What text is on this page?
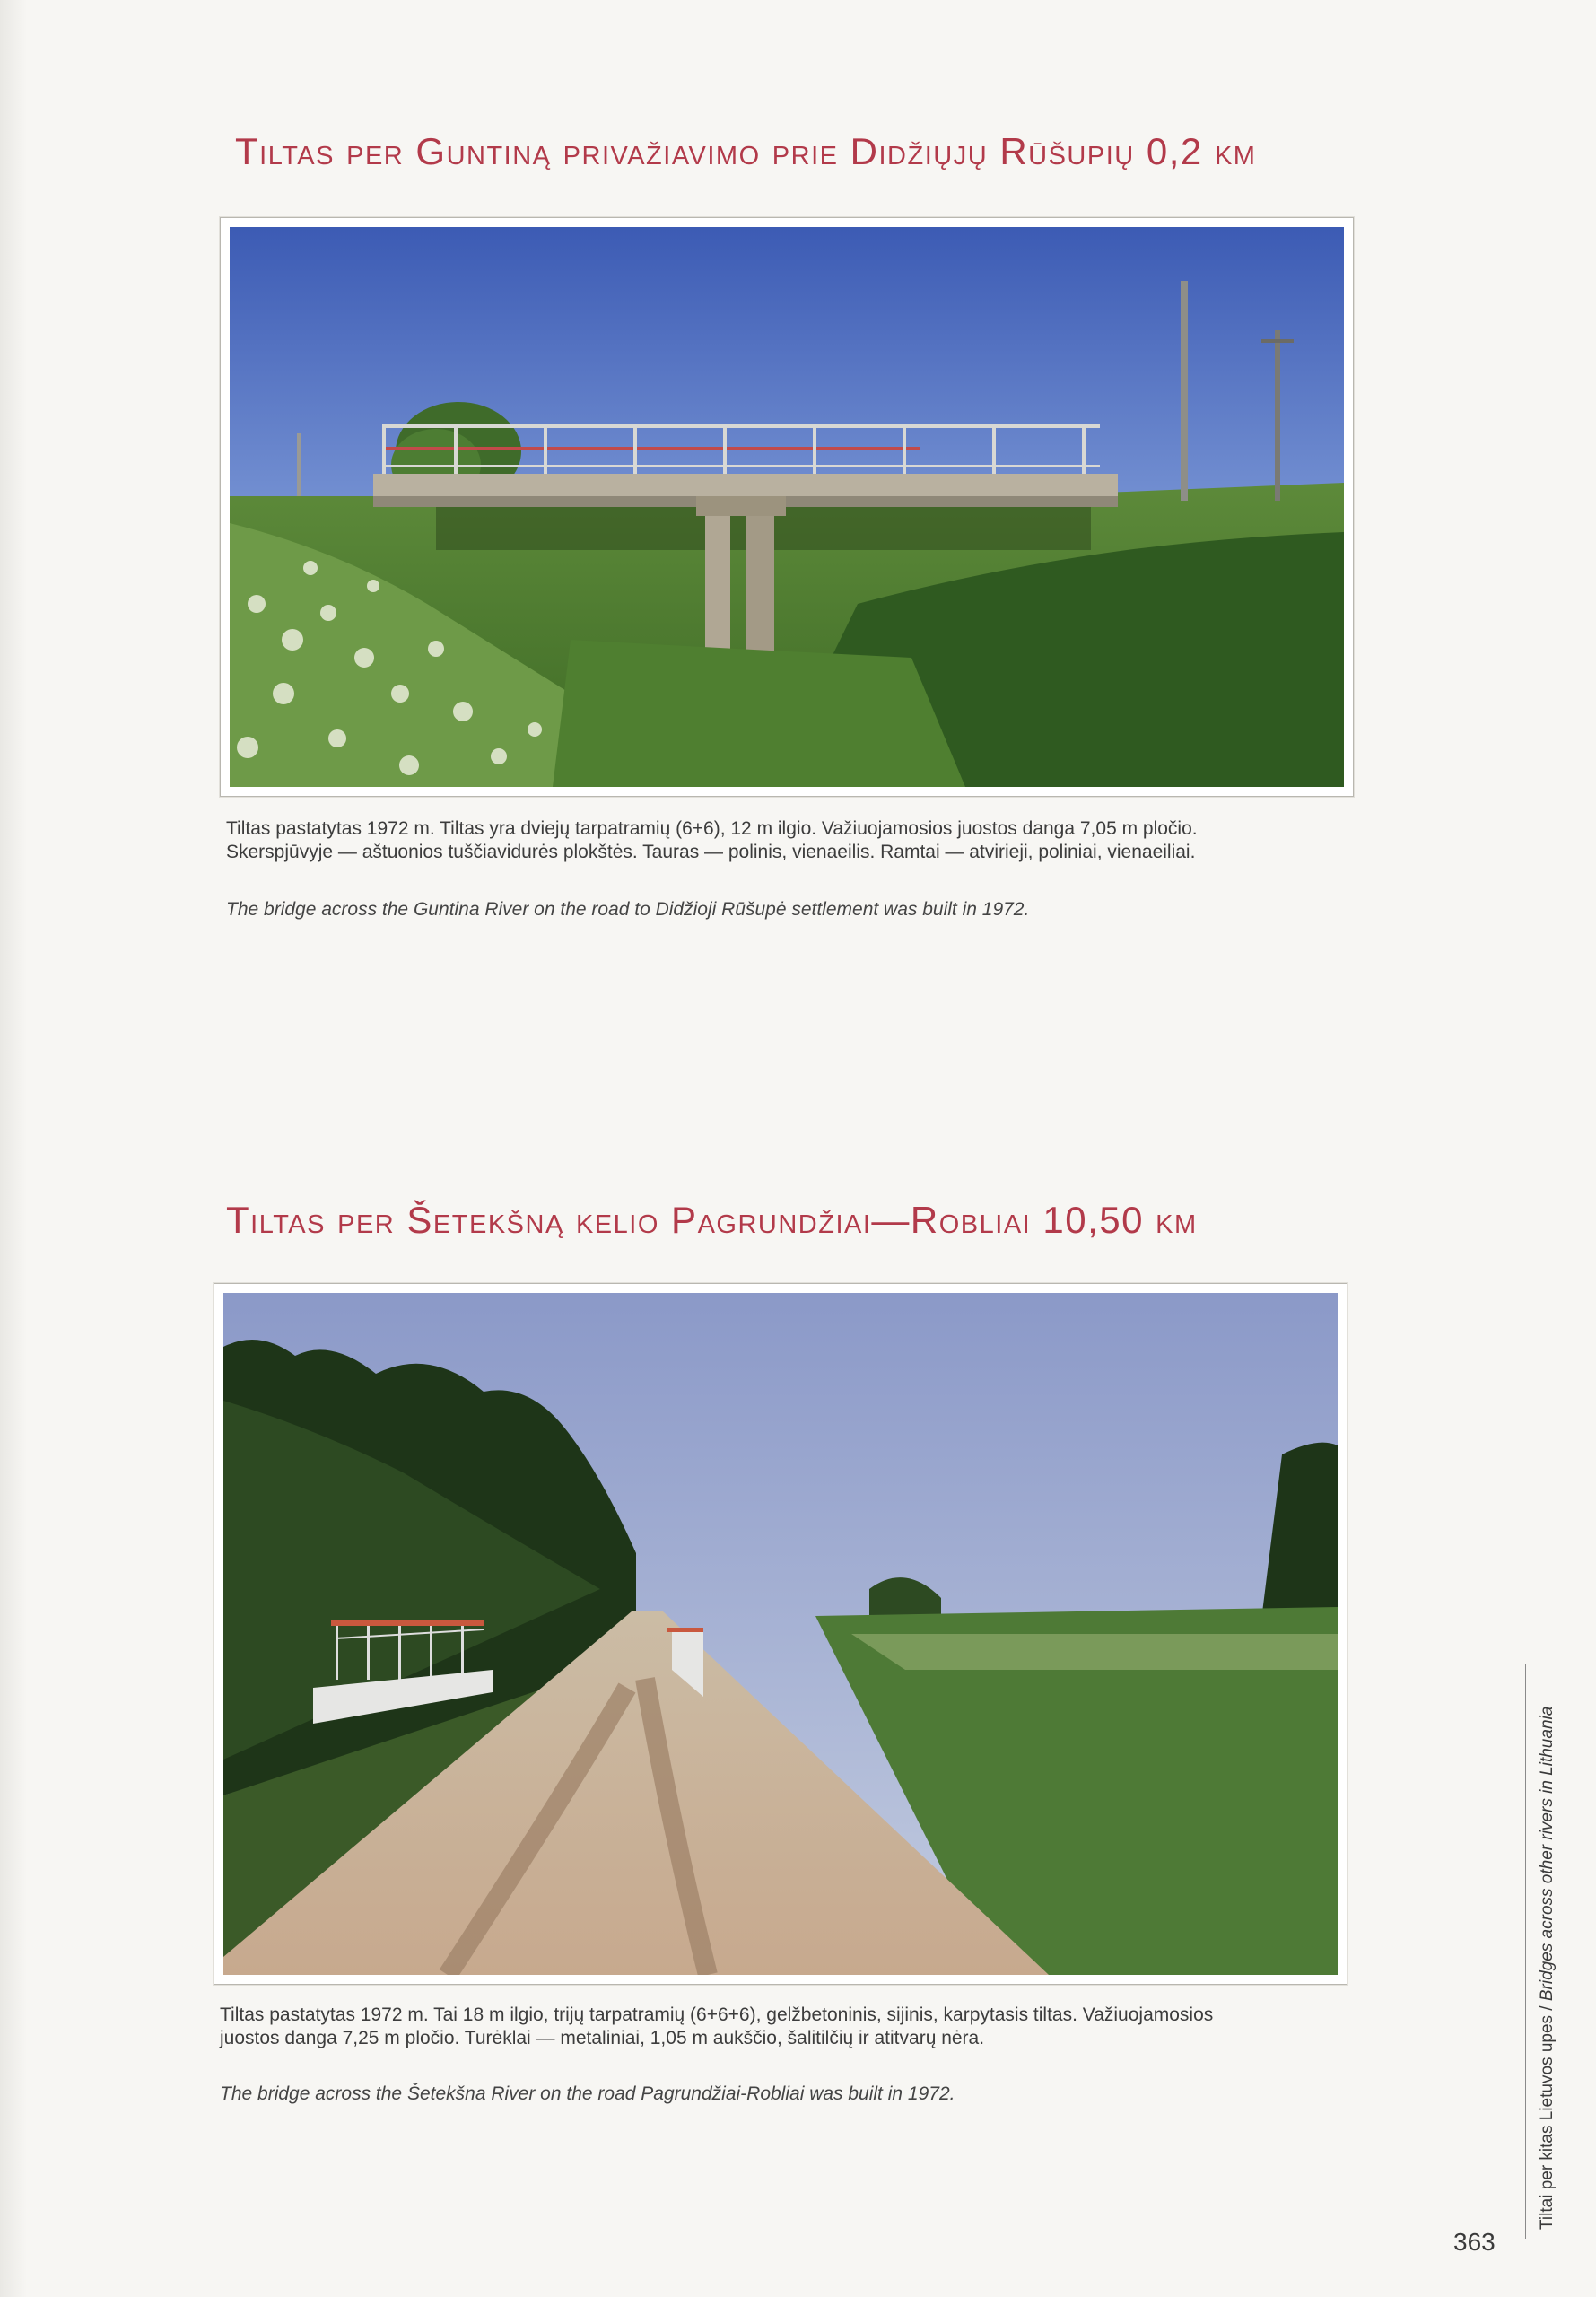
Tiltas per Guntiną privažiavimo prie Didžiųjų Rūšupių 0,2 km

Tiltas pastatytas 1972 m. Tiltas yra dviejų tarpatramių (6+6), 12 m ilgio. Važiuojamosios juostos danga 7,05 m pločio.
Skerspjūvyje — aštuonios tuščiavidurės plokštės. Tauras — polinis, vienaeilis. Ramtai — atvirieji, poliniai, vienaeiliai.

The bridge across the Guntina River on the road to Didžioji Rūšupė settlement was built in 1972.

Tiltas per Šetekšną kelio Pagrundžiai—Robliai 10,50 km

Tiltas pastatytas 1972 m. Tai 18 m ilgio, trijų tarpatramių (6+6+6), gelžbetoninis, sijinis, karpytasis tiltas. Važiuojamosios
juostos danga 7,25 m pločio. Turėklai — metaliniai, 1,05 m aukščio, šalitilčių ir atitvarų nėra.

The bridge across the Šetekšna River on the road Pagrundžiai-Robliai was built in 1972.	Tiltai per kitas Lietuvos upes / Bridges across other rivers in Lithuania
363
